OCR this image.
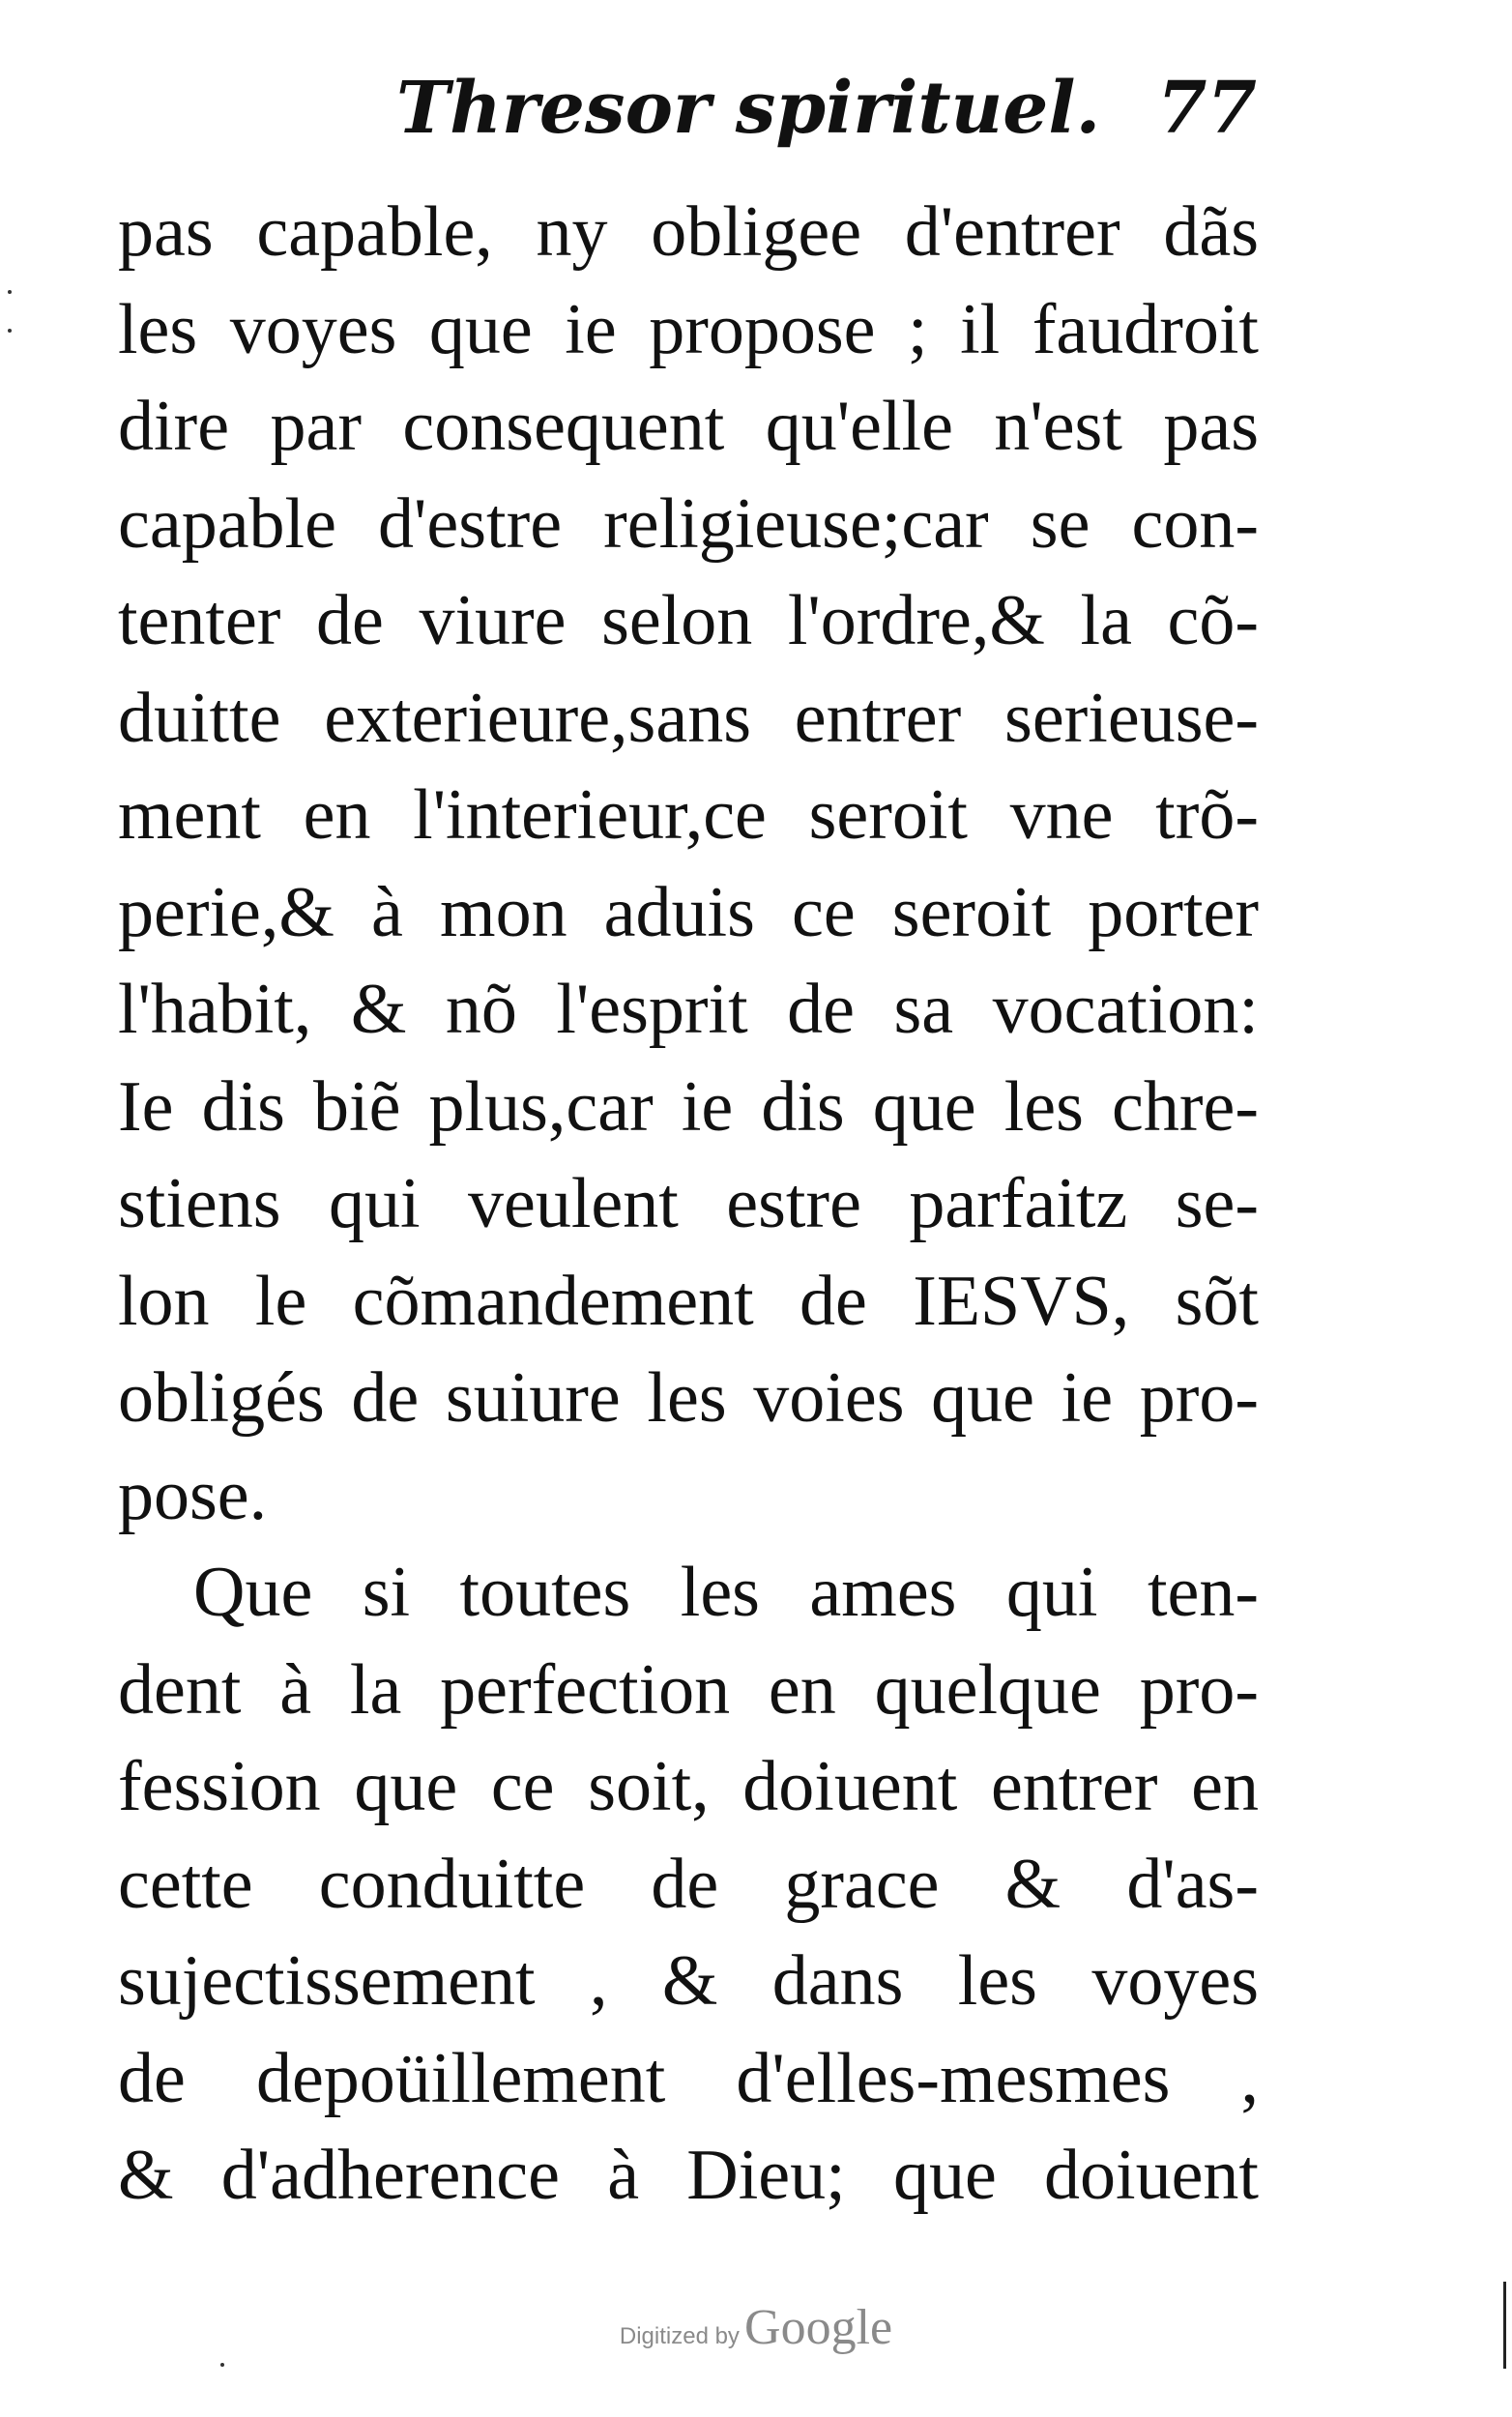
Thresor spirituel. 77
pas capable, ny obligee d'entrer dãs
les voyes que ie propose ; il faudroit
dire par consequent qu'elle n'est pas
capable d'estre religieuse;car se con-
tenter de viure selon l'ordre,& la cõ-
duitte exterieure,sans entrer serieuse-
ment en l'interieur,ce seroit vne trõ-
perie,& à mon aduis ce seroit porter
l'habit, & nõ l'esprit de sa vocation:
Ie dis biẽ plus,car ie dis que les chre-
stiens qui veulent estre parfaitz se-
lon le cõmandement de IESVS, sõt
obligés de suiure les voies que ie pro-
pose.
Que si toutes les ames qui ten-
dent à la perfection en quelque pro-
fession que ce soit, doiuent entrer en
cette conduitte de grace & d'as-
sujectissement , & dans les voyes
de depoüillement d'elles-mesmes ,
& d'adherence à Dieu; que doiuent
Digitized by Google
